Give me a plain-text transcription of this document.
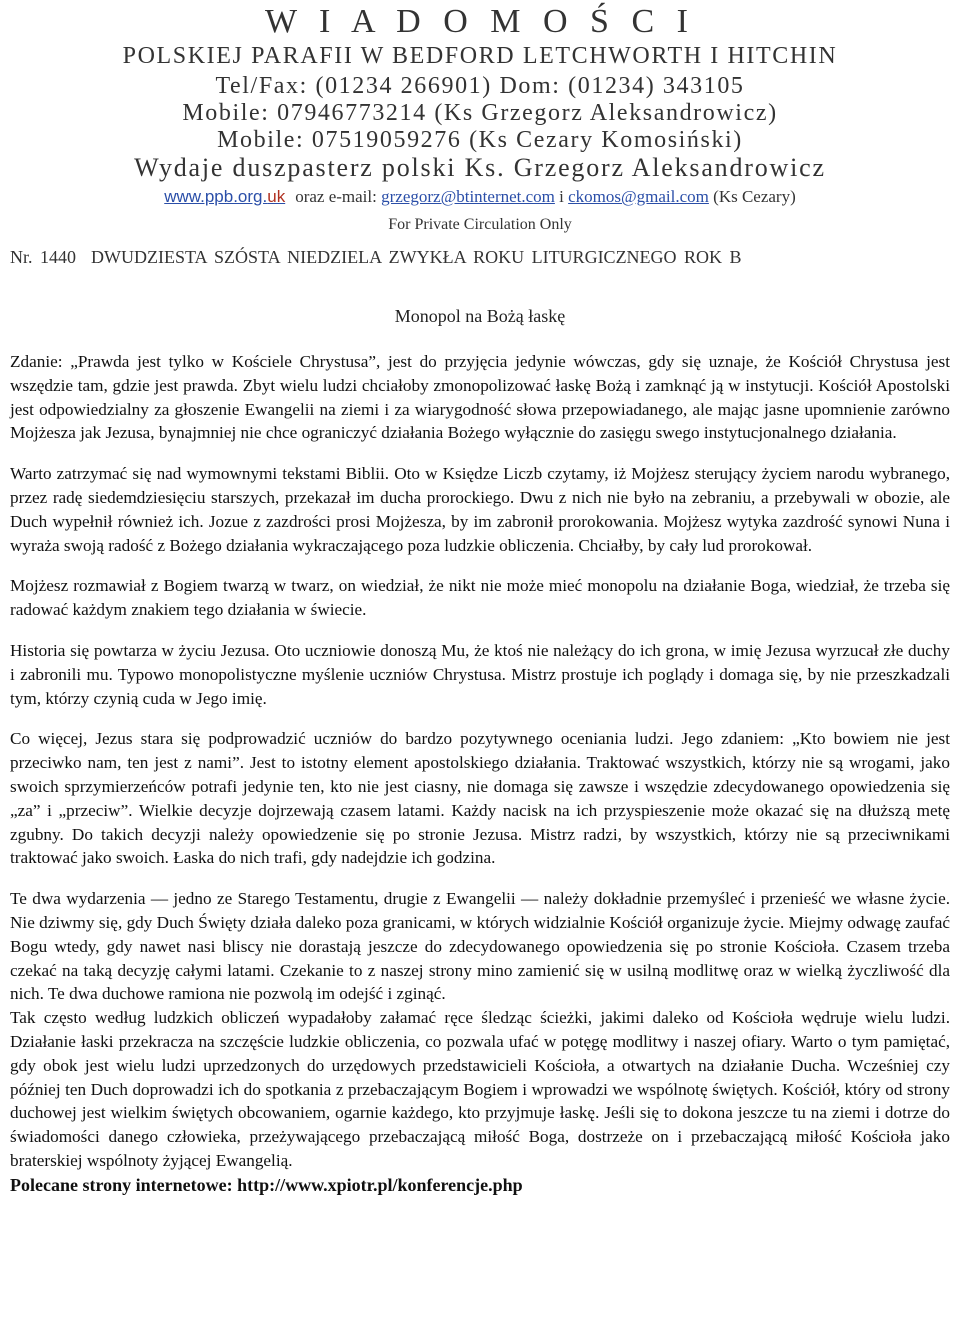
W I A D O M O Ś C I
POLSKIEJ PARAFII W BEDFORD LETCHWORTH I HITCHIN
Tel/Fax: (01234 266901) Dom: (01234) 343105
Mobile: 07946773214 (Ks Grzegorz Aleksandrowicz)
Mobile: 07519059276 (Ks Cezary Komosiński)
Wydaje duszpasterz polski Ks. Grzegorz Aleksandrowicz
www.ppb.org.uk oraz e-mail: grzegorz@btinternet.com i ckomos@gmail.com (Ks Cezary)
For Private Circulation Only
Nr. 1440 DWUDZIESTA SZÓSTA NIEDZIELA ZWYKŁA ROKU LITURGICZNEGO ROK B
Monopol na Bożą łaskę

Zdanie: „Prawda jest tylko w Kościele Chrystusa”, jest do przyjęcia jedynie wówczas, gdy się uznaje, że Kościół Chrystusa jest wszędzie tam, gdzie jest prawda. Zbyt wielu ludzi chciałoby zmonopolizować łaskę Bożą i zamknąć ją w instytucji. Kościół Apostolski jest odpowiedzialny za głoszenie Ewangelii na ziemi i za wiarygodność słowa przepowiadanego, ale mając jasne upomnienie zarówno Mojżesza jak Jezusa, bynajmniej nie chce ograniczyć działania Bożego wyłącznie do zasięgu swego instytucjonalnego działania.

Warto zatrzymać się nad wymownymi tekstami Biblii. Oto w Księdze Liczb czytamy, iż Mojżesz sterujący życiem narodu wybranego, przez radę siedemdziesięciu starszych, przekazał im ducha prorockiego. Dwu z nich nie było na zebraniu, a przebywali w obozie, ale Duch wypełnił również ich. Jozue z zazdrości prosi Mojżesza, by im zabronił prorokowania. Mojżesz wytyka zazdrość synowi Nuna i wyraża swoją radość z Bożego działania wykraczającego poza ludzkie obliczenia. Chciałby, by cały lud prorokował.

Mojżesz rozmawiał z Bogiem twarzą w twarz, on wiedział, że nikt nie może mieć monopolu na działanie Boga, wiedział, że trzeba się radować każdym znakiem tego działania w świecie.

Historia się powtarza w życiu Jezusa. Oto uczniowie donoszą Mu, że ktoś nie należący do ich grona, w imię Jezusa wyrzucał złe duchy i zabronili mu. Typowo monopolistyczne myślenie uczniów Chrystusa. Mistrz prostuje ich poglądy i domaga się, by nie przeszkadzali tym, którzy czynią cuda w Jego imię.

Co więcej, Jezus stara się podprowadzić uczniów do bardzo pozytywnego oceniania ludzi. Jego zdaniem: „Kto bowiem nie jest przeciwko nam, ten jest z nami”. Jest to istotny element apostolskiego działania. Traktować wszystkich, którzy nie są wrogami, jako swoich sprzymierzeńców potrafi jedynie ten, kto nie jest ciasny, nie domaga się zawsze i wszędzie zdecydowanego opowiedzenia się „za” i „przeciw”. Wielkie decyzje dojrzewają czasem latami. Każdy nacisk na ich przyspieszenie może okazać się na dłuższą metę zgubny. Do takich decyzji należy opowiedzenie się po stronie Jezusa. Mistrz radzi, by wszystkich, którzy nie są przeciwnikami traktować jako swoich. Łaska do nich trafi, gdy nadejdzie ich godzina.

Te dwa wydarzenia — jedno ze Starego Testamentu, drugie z Ewangelii — należy dokładnie przemyśleć i przenieść we własne życie. Nie dziwmy się, gdy Duch Święty działa daleko poza granicami, w których widzialnie Kościół organizuje życie. Miejmy odwagę zaufać Bogu wtedy, gdy nawet nasi bliscy nie dorastają jeszcze do zdecydowanego opowiedzenia się po stronie Kościoła. Czasem trzeba czekać na taką decyzję całymi latami. Czekanie to z naszej strony mino zamienić się w usilną modlitwę oraz w wielką życzliwość dla nich. Te dwa duchowe ramiona nie pozwolą im odejść i zginąć.

Tak często według ludzkich obliczeń wypadałoby załamać ręce śledząc ścieżki, jakimi daleko od Kościoła wędruje wielu ludzi. Działanie łaski przekracza na szczęście ludzkie obliczenia, co pozwala ufać w potęgę modlitwy i naszej ofiary. Warto o tym pamiętać, gdy obok jest wielu ludzi uprzedzonych do urzędowych przedstawicieli Kościoła, a otwartych na działanie Ducha. Wcześniej czy później ten Duch doprowadzi ich do spotkania z przebaczającym Bogiem i wprowadzi we wspólnotę świętych. Kościół, który od strony duchowej jest wielkim świętych obcowaniem, ogarnie każdego, kto przyjmuje łaskę. Jeśli się to dokona jeszcze tu na ziemi i dotrze do świadomości danego człowieka, przeżywającego przebaczającą miłość Boga, dostrzeże on i przebaczającą miłość Kościoła jako braterskiej wspólnoty żyjącej Ewangelią.

Polecane strony internetowe: http://www.xpiotr.pl/konferencje.php
